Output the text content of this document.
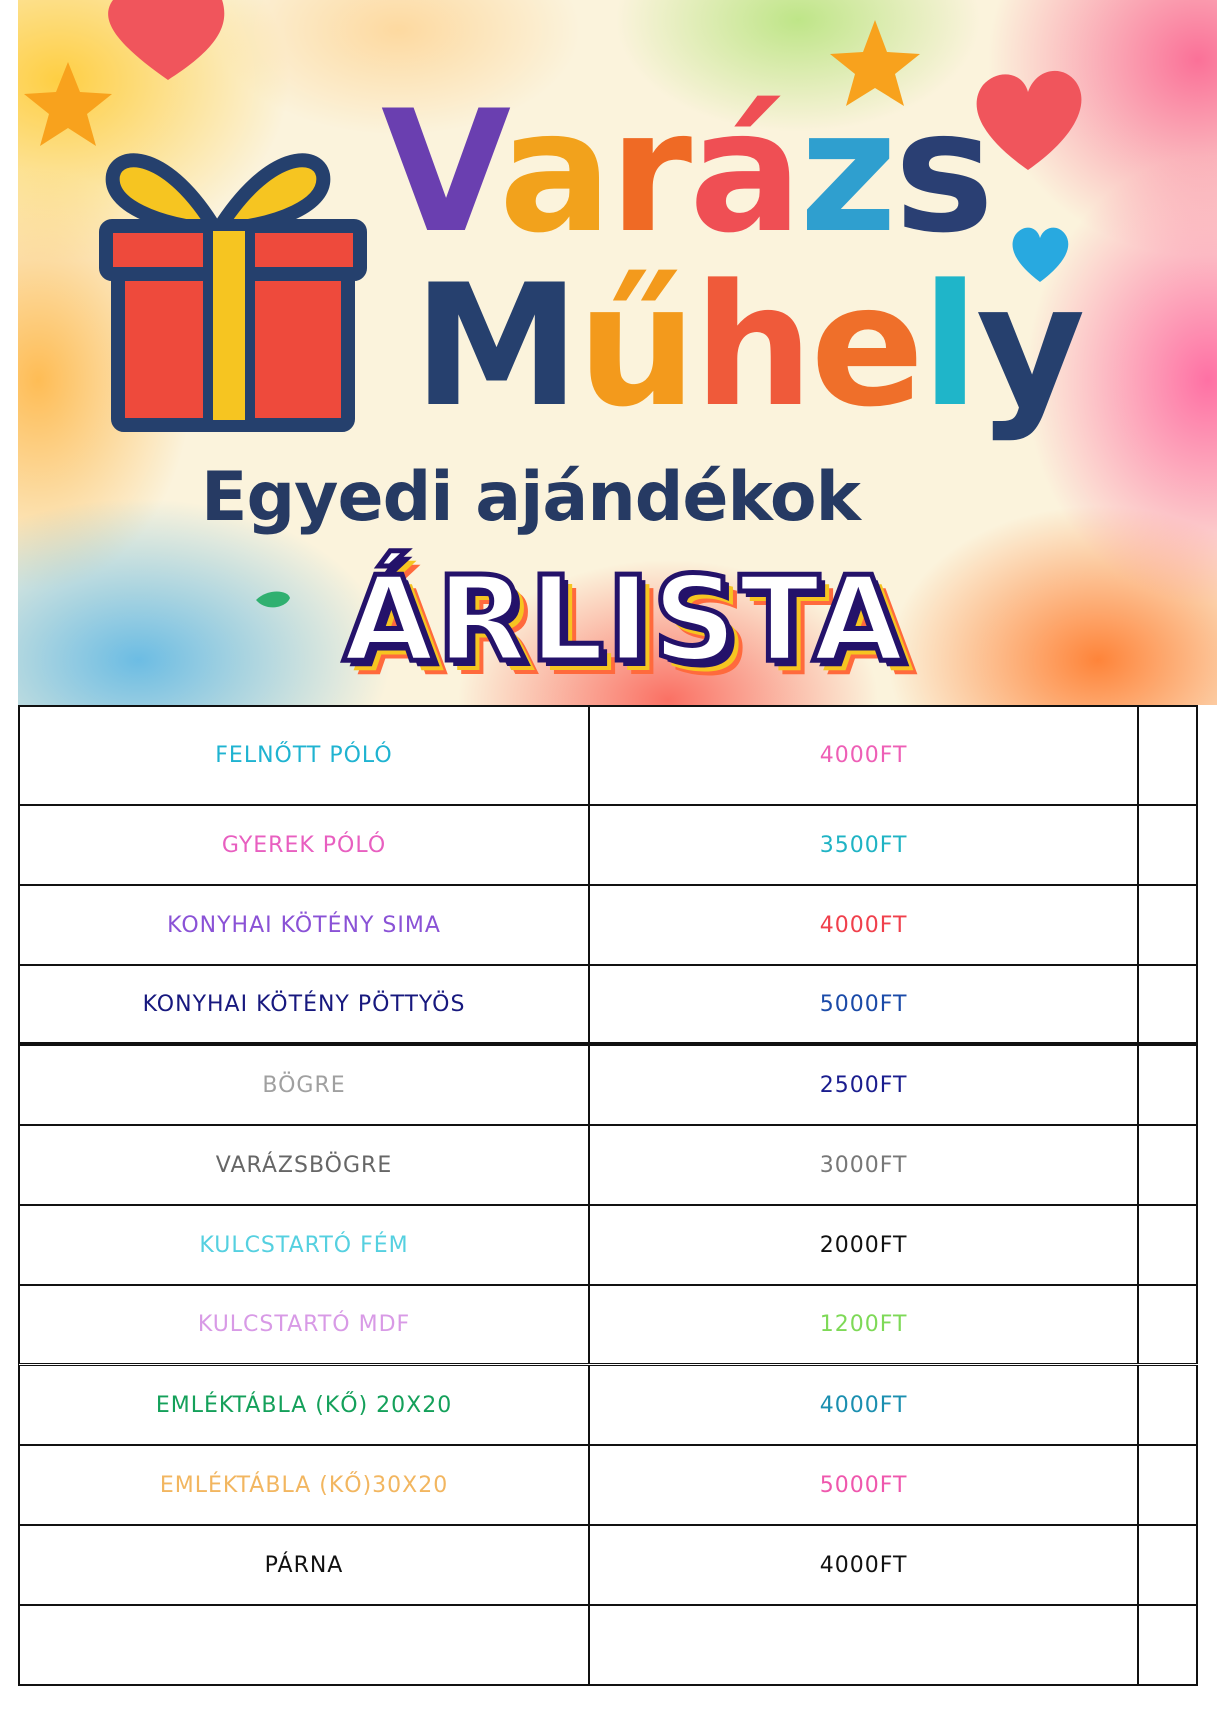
Varázs
Műhely
Egyedi ajándékok
ÁRLISTA
FELNŐTT PÓLÓ	4000FT
GYEREK PÓLÓ	3500FT
KONYHAI KÖTÉNY SIMA	4000FT
KONYHAI KÖTÉNY PÖTTYÖS	5000FT
BÖGRE	2500FT
VARÁZSBÖGRE	3000FT
KULCSTARTÓ FÉM	2000FT
KULCSTARTÓ MDF	1200FT
EMLÉKTÁBLA (KŐ) 20X20	4000FT
EMLÉKTÁBLA (KŐ)30X20	5000FT
PÁRNA	4000FT
